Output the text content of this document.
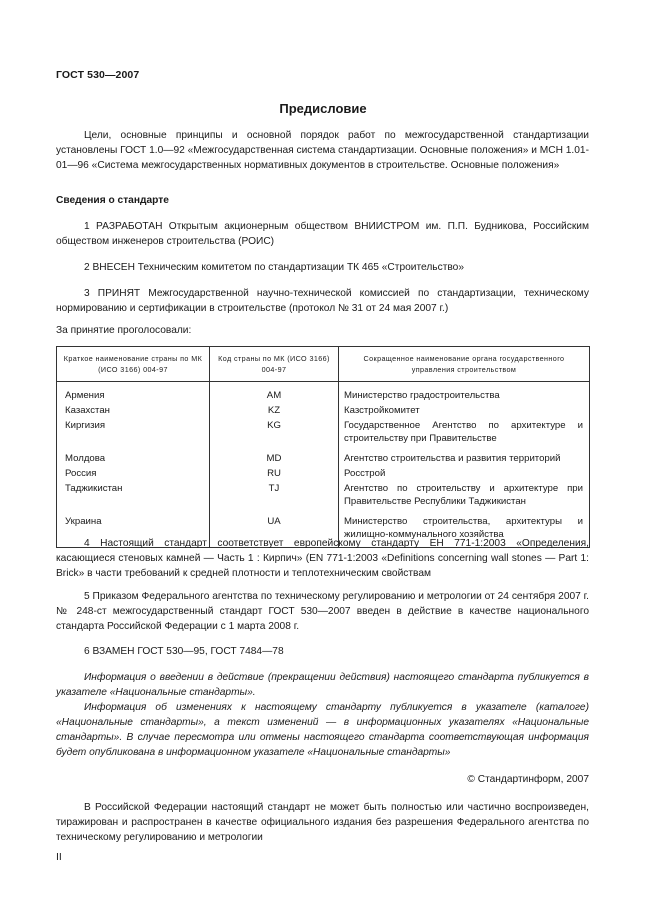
ГОСТ 530—2007
Предисловие
Цели, основные принципы и основной порядок работ по межгосударственной стандартизации установлены ГОСТ 1.0—92 «Межгосударственная система стандартизации. Основные положения» и МСН 1.01-01—96 «Система межгосударственных нормативных документов в строительстве. Основные положения»
Сведения о стандарте
1 РАЗРАБОТАН Открытым акционерным обществом ВНИИСТРОМ им. П.П. Будникова, Российским обществом инженеров строительства (РОИС)
2 ВНЕСЕН Техническим комитетом по стандартизации ТК 465 «Строительство»
3 ПРИНЯТ Межгосударственной научно-технической комиссией по стандартизации, техническому нормированию и сертификации в строительстве (протокол № 31 от 24 мая 2007 г.)
За принятие проголосовали:
Краткое наименование страны по МК (ИСО 3166) 004-97	Код страны по МК (ИСО 3166) 004-97	Сокращенное наименование органа государственного управления строительством
Армения	AM	Министерство градостроительства
Казахстан	KZ	Казстройкомитет
Киргизия	KG	Государственное Агентство по архитектуре и строительству при Правительстве
Молдова	MD	Агентство строительства и развития территорий
Россия	RU	Росстрой
Таджикистан	TJ	Агентство по строительству и архитектуре при Правительстве Республики Таджикистан
Украина	UA	Министерство строительства, архитектуры и жилищно-коммунального хозяйства
4 Настоящий стандарт соответствует европейскому стандарту ЕН 771-1:2003 «Определения, касающиеся стеновых камней — Часть 1 : Кирпич» (EN 771-1:2003 «Definitions concerning wall stones — Part 1: Brick» в части требований к средней плотности и теплотехническим свойствам
5 Приказом Федерального агентства по техническому регулированию и метрологии от 24 сентября 2007 г. № 248-ст межгосударственный стандарт ГОСТ 530—2007 введен в действие в качестве национального стандарта Российской Федерации с 1 марта 2008 г.
6 ВЗАМЕН ГОСТ 530—95, ГОСТ 7484—78
Информация о введении в действие (прекращении действия) настоящего стандарта публикуется в указателе «Национальные стандарты».
Информация об изменениях к настоящему стандарту публикуется в указателе (каталоге) «Национальные стандарты», а текст изменений — в информационных указателях «Национальные стандарты». В случае пересмотра или отмены настоящего стандарта соответствующая информация будет опубликована в информационном указателе «Национальные стандарты»
© Стандартинформ, 2007
В Российской Федерации настоящий стандарт не может быть полностью или частично воспроизведен, тиражирован и распространен в качестве официального издания без разрешения Федерального агентства по техническому регулированию и метрологии
II
